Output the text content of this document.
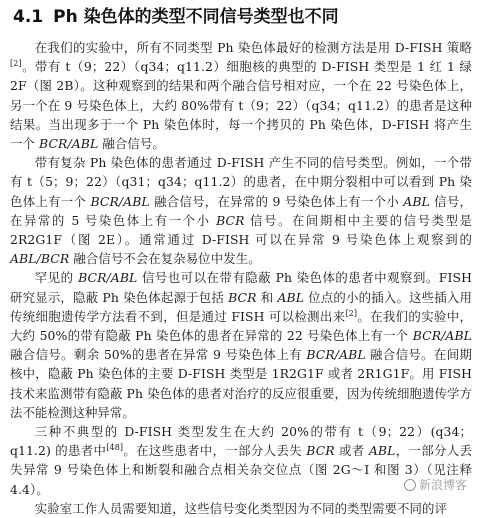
4.1 Ph 染色体的类型不同信号类型也不同

在我们的实验中，所有不同类型 Ph 染色体最好的检测方法是用 D-FISH 策略[2]。带有 t（9；22）（q34；q11.2）细胞核的典型的 D-FISH 类型是 1 红 1 绿 2F（图 2B）。这种观察到的结果和两个融合信号相对应，一个在 22 号染色体上，另一个在 9 号染色体上，大约 80%带有 t（9；22）（q34；q11.2）的患者是这种结果。当出现多于一个 Ph 染色体时，每一个拷贝的 Ph 染色体，D-FISH 将产生一个 BCR/ABL 融合信号。

带有复杂 Ph 染色体的患者通过 D-FISH 产生不同的信号类型。例如，一个带有 t（5；9；22）（q31；q34；q11.2）的患者，在中期分裂相中可以看到 Ph 染色体上有一个 BCR/ABL 融合信号，在异常的 9 号染色体上有一个小 ABL 信号，在异常的 5 号染色体上有一个小 BCR 信号。在间期相中主要的信号类型是 2R2G1F（图 2E）。通常通过 D-FISH 可以在异常 9 号染色体上观察到的 ABL/BCR 融合信号不会在复杂易位中发生。

罕见的 BCR/ABL 信号也可以在带有隐蔽 Ph 染色体的患者中观察到。FISH 研究显示，隐蔽 Ph 染色体起源于包括 BCR 和 ABL 位点的小的插入。这些插入用传统细胞遗传学方法看不到，但是通过 FISH 可以检测出来[2]。在我们的实验中，大约 50%的带有隐蔽 Ph 染色体的患者在异常的 22 号染色体上有一个 BCR/ABL 融合信号。剩余 50%的患者在异常 9 号染色体上有 BCR/ABL 融合信号。在间期核中，隐蔽 Ph 染色体的主要 D-FISH 类型是 1R2G1F 或者 2R1G1F。用 FISH 技术来监测带有隐蔽 Ph 染色体的患者对治疗的反应很重要，因为传统细胞遗传学方法不能检测这种异常。

三种不典型的 D-FISH 类型发生在大约 20%的带有 t（9；22）(q34；q11.2) 的患者中[48]。在这些患者中，一部分人丢失 BCR 或者 ABL，一部分人丢失异常 9 号染色体上和断裂和融合点相关杂交位点（图 2G～I 和图 3）（见注释 4.4）。

实验室工作人员需要知道，这些信号变化类型因为不同的类型需要不同的评

新浪博客
